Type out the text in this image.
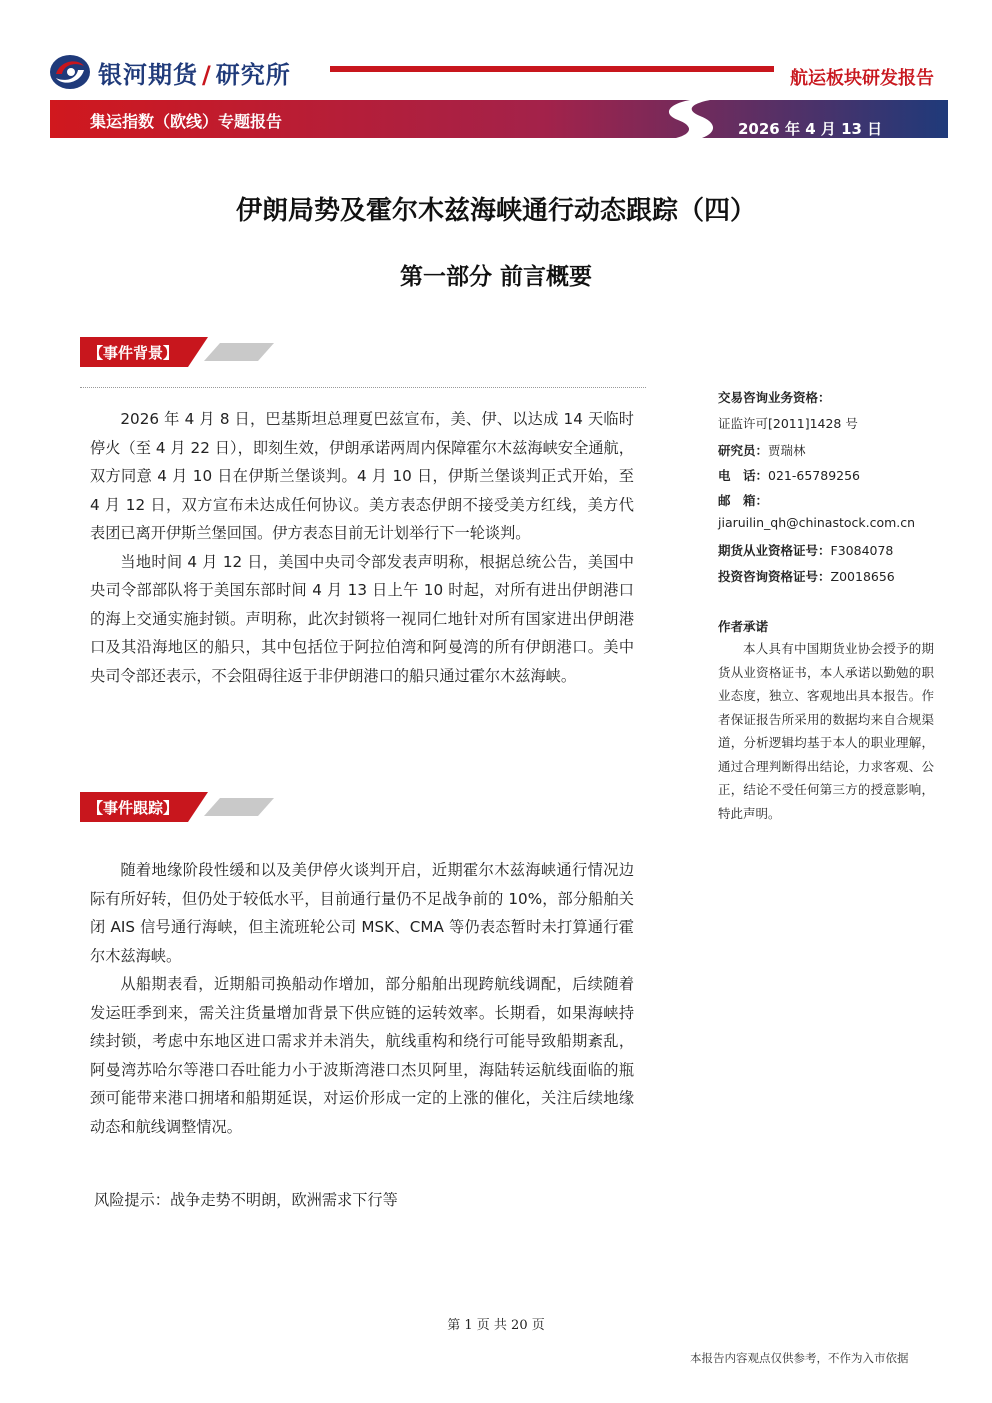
银河期货 / 研究所	航运板块研发报告
集运指数（欧线）专题报告	2026 年 4 月 13 日
伊朗局势及霍尔木兹海峡通行动态跟踪（四）
第一部分 前言概要
【事件背景】

2026 年 4 月 8 日，巴基斯坦总理夏巴兹宣布，美、伊、以达成 14 天临时停火（至 4 月 22 日），即刻生效，伊朗承诺两周内保障霍尔木兹海峡安全通航，双方同意 4 月 10 日在伊斯兰堡谈判。4 月 10 日，伊斯兰堡谈判正式开始，至 4 月 12 日，双方宣布未达成任何协议。美方表态伊朗不接受美方红线，美方代表团已离开伊斯兰堡回国。伊方表态目前无计划举行下一轮谈判。

当地时间 4 月 12 日，美国中央司令部发表声明称，根据总统公告，美国中央司令部部队将于美国东部时间 4 月 13 日上午 10 时起，对所有进出伊朗港口的海上交通实施封锁。声明称，此次封锁将一视同仁地针对所有国家进出伊朗港口及其沿海地区的船只，其中包括位于阿拉伯湾和阿曼湾的所有伊朗港口。美中央司令部还表示，不会阻碍往返于非伊朗港口的船只通过霍尔木兹海峡。

【事件跟踪】

随着地缘阶段性缓和以及美伊停火谈判开启，近期霍尔木兹海峡通行情况边际有所好转，但仍处于较低水平，目前通行量仍不足战争前的 10%，部分船舶关闭 AIS 信号通行海峡，但主流班轮公司 MSK、CMA 等仍表态暂时未打算通行霍尔木兹海峡。

从船期表看，近期船司换船动作增加，部分船舶出现跨航线调配，后续随着发运旺季到来，需关注货量增加背景下供应链的运转效率。长期看，如果海峡持续封锁，考虑中东地区进口需求并未消失，航线重构和绕行可能导致船期紊乱，阿曼湾苏哈尔等港口吞吐能力小于波斯湾港口杰贝阿里，海陆转运航线面临的瓶颈可能带来港口拥堵和船期延误，对运价形成一定的上涨的催化，关注后续地缘动态和航线调整情况。

风险提示：战争走势不明朗，欧洲需求下行等
交易咨询业务资格：
证监许可[2011]1428 号
研究员：贾瑞林
电　话：021-65789256
邮　箱：
jiaruilin_qh@chinastock.com.cn
期货从业资格证号：F3084078
投资咨询资格证号：Z0018656
作者承诺

本人具有中国期货业协会授予的期货从业资格证书，本人承诺以勤勉的职业态度，独立、客观地出具本报告。作者保证报告所采用的数据均来自合规渠道，分析逻辑均基于本人的职业理解，通过合理判断得出结论，力求客观、公正，结论不受任何第三方的授意影响，特此声明。

第 1 页 共 20 页
本报告内容观点仅供参考，不作为入市依据
